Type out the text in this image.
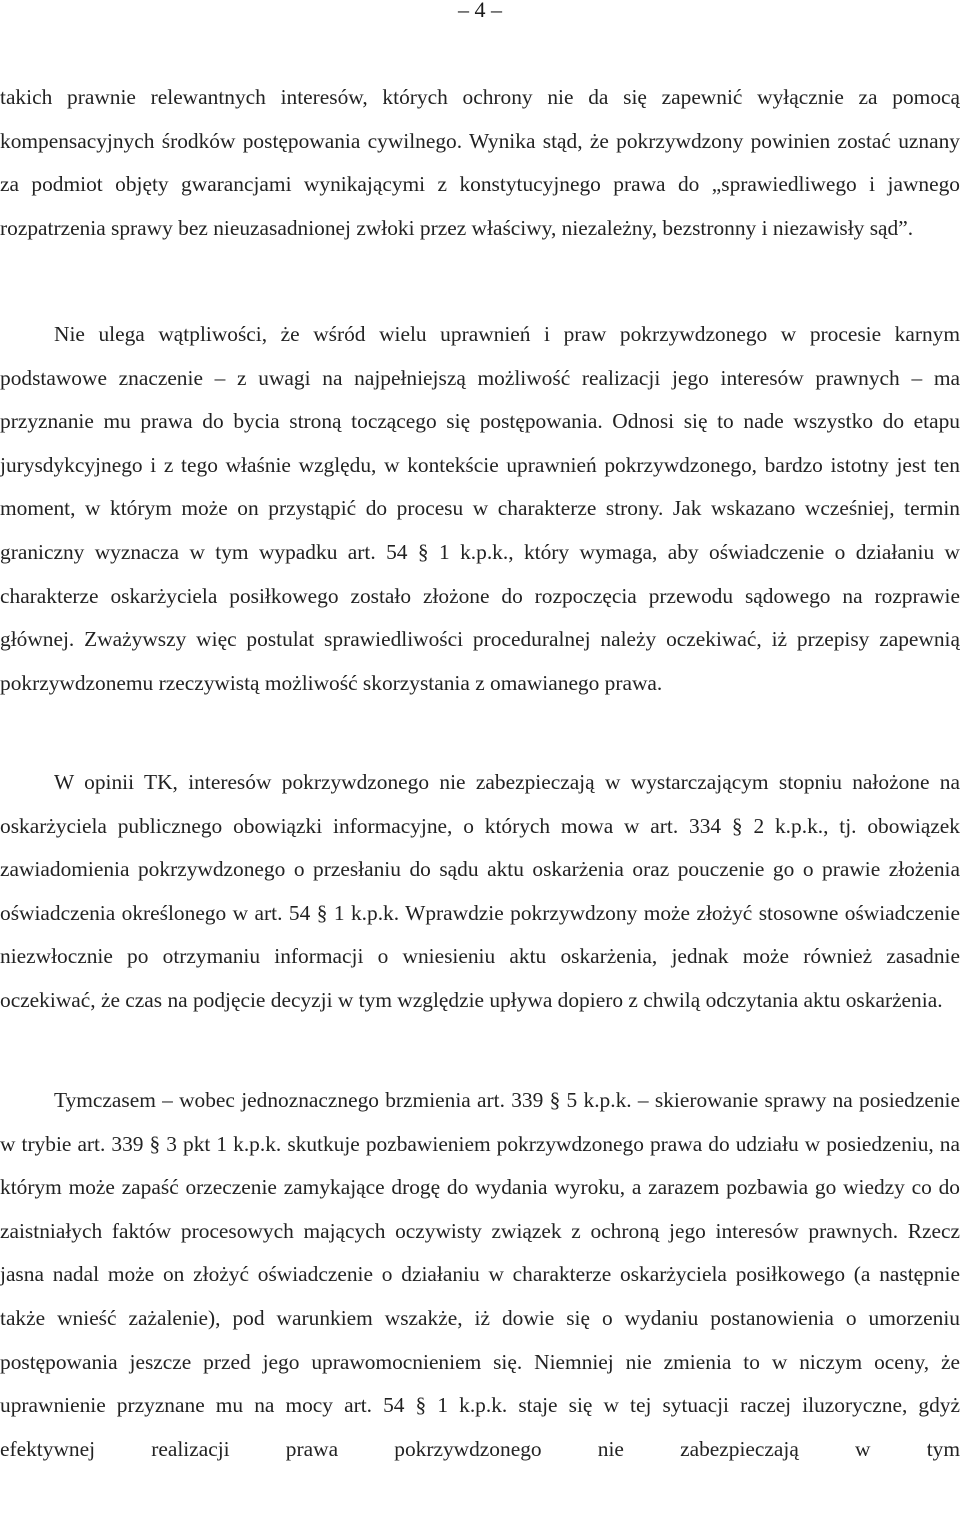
– 4 –

takich prawnie relewantnych interesów, których ochrony nie da się zapewnić wyłącznie za pomocą kompensacyjnych środków postępowania cywilnego. Wynika stąd, że pokrzywdzony powinien zostać uznany za podmiot objęty gwarancjami wynikającymi z konstytucyjnego prawa do „sprawiedliwego i jawnego rozpatrzenia sprawy bez nieuzasadnionej zwłoki przez właściwy, niezależny, bezstronny i niezawisły sąd”.

Nie ulega wątpliwości, że wśród wielu uprawnień i praw pokrzywdzonego w procesie karnym podstawowe znaczenie – z uwagi na najpełniejszą możliwość realizacji jego interesów prawnych – ma przyznanie mu prawa do bycia stroną toczącego się postępowania. Odnosi się to nade wszystko do etapu jurysdykcyjnego i z tego właśnie względu, w kontekście uprawnień pokrzywdzonego, bardzo istotny jest ten moment, w którym może on przystąpić do procesu w charakterze strony. Jak wskazano wcześniej, termin graniczny wyznacza w tym wypadku art. 54 § 1 k.p.k., który wymaga, aby oświadczenie o działaniu w charakterze oskarżyciela posiłkowego zostało złożone do rozpoczęcia przewodu sądowego na rozprawie głównej. Zważywszy więc postulat sprawiedliwości proceduralnej należy oczekiwać, iż przepisy zapewnią pokrzywdzonemu rzeczywistą możliwość skorzystania z omawianego prawa.

W opinii TK, interesów pokrzywdzonego nie zabezpieczają w wystarczającym stopniu nałożone na oskarżyciela publicznego obowiązki informacyjne, o których mowa w art. 334 § 2 k.p.k., tj. obowiązek zawiadomienia pokrzywdzonego o przesłaniu do sądu aktu oskarżenia oraz pouczenie go o prawie złożenia oświadczenia określonego w art. 54 § 1 k.p.k. Wprawdzie pokrzywdzony może złożyć stosowne oświadczenie niezwłocznie po otrzymaniu informacji o wniesieniu aktu oskarżenia, jednak może również zasadnie oczekiwać, że czas na podjęcie decyzji w tym względzie upływa dopiero z chwilą odczytania aktu oskarżenia.

Tymczasem – wobec jednoznacznego brzmienia art. 339 § 5 k.p.k. – skierowanie sprawy na posiedzenie w trybie art. 339 § 3 pkt 1 k.p.k. skutkuje pozbawieniem pokrzywdzonego prawa do udziału w posiedzeniu, na którym może zapaść orzeczenie zamykające drogę do wydania wyroku, a zarazem pozbawia go wiedzy co do zaistniałych faktów procesowych mających oczywisty związek z ochroną jego interesów prawnych. Rzecz jasna nadal może on złożyć oświadczenie o działaniu w charakterze oskarżyciela posiłkowego (a następnie także wnieść zażalenie), pod warunkiem wszakże, iż dowie się o wydaniu postanowienia o umorzeniu postępowania jeszcze przed jego uprawomocnieniem się. Niemniej nie zmienia to w niczym oceny, że uprawnienie przyznane mu na mocy art. 54 § 1 k.p.k. staje się w tej sytuacji raczej iluzoryczne, gdyż efektywnej realizacji prawa pokrzywdzonego nie zabezpieczają w tym
